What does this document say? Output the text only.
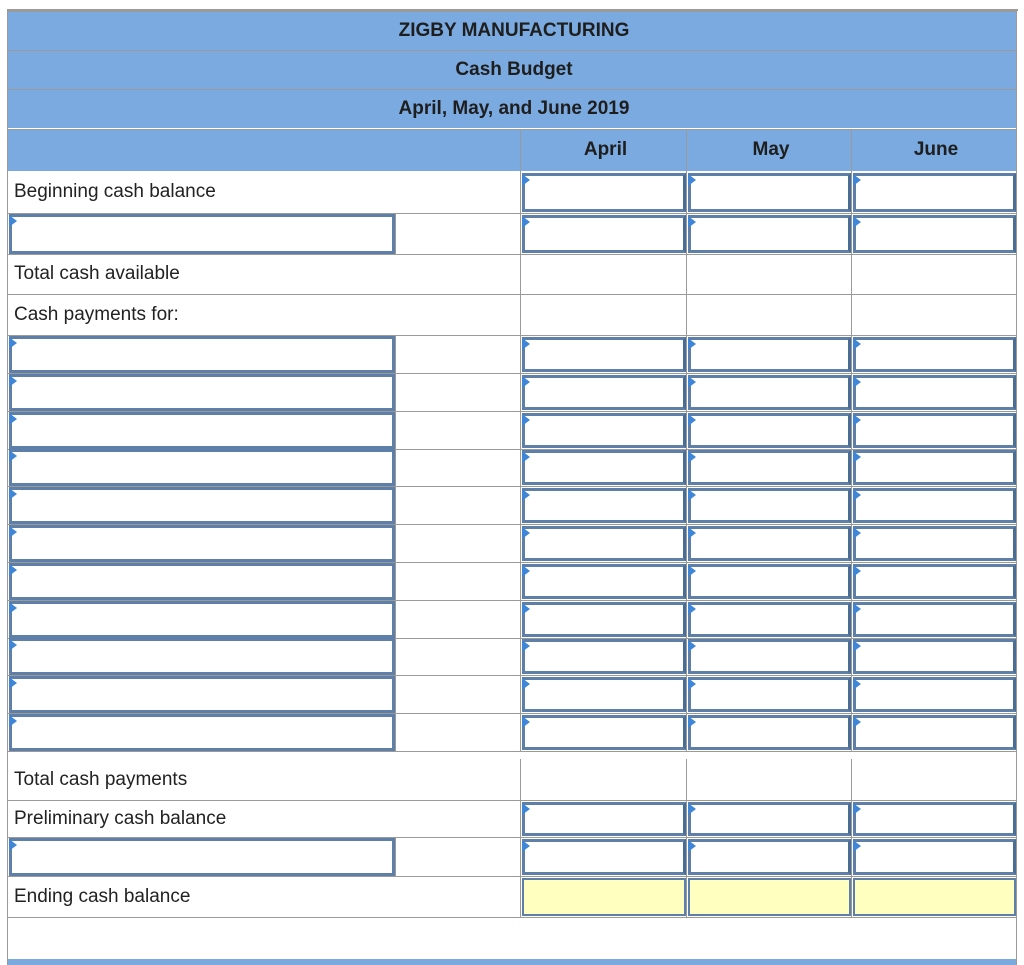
ZIGBY MANUFACTURING
Cash Budget
April, May, and June 2019
April	May	June
Beginning cash balance
Total cash available
Cash payments for:
Total cash payments
Preliminary cash balance
Ending cash balance
